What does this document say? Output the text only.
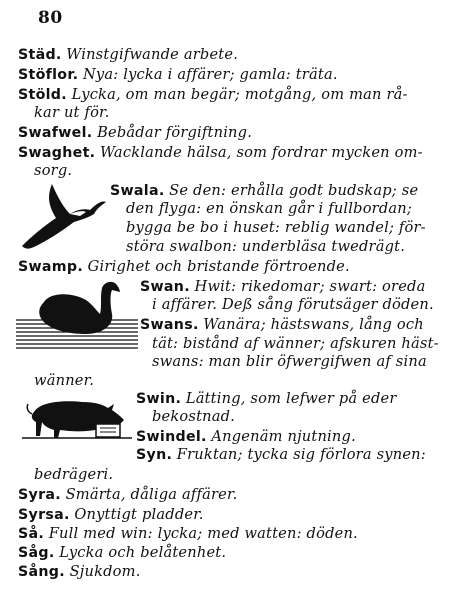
80
Städ. Winstgifwande arbete.
Stöflor. Nya: lycka i affärer; gamla: träta.
Stöld. Lycka, om man begär; motgång, om man rå-
kar ut för.
Swafwel. Bebådar förgiftning.
Swaghet. Wacklande hälsa, som fordrar mycken om-
sorg.
Swala. Se den: erhålla godt budskap; se
den flyga: en önskan går i fullbordan;
bygga be bo i huset: reblig wandel; för-
störa swalbon: underbläsa twedrägt.
Swamp. Girighet och bristande förtroende.
Swan. Hwit: rikedomar; swart: oreda
i affärer. Deß sång förutsäger döden.
Swans. Wanära; hästswans, lång och
tät: bistånd af wänner; afskuren häst-
swans: man blir öfwergifwen af sina
wänner.
Swin. Lätting, som lefwer på eder
bekostnad.
Swindel. Angenäm njutning.
Syn. Fruktan; tycka sig förlora synen:
bedrägeri.
Syra. Smärta, dåliga affärer.
Syrsa. Onyttigt pladder.
Så. Full med win: lycka; med watten: döden.
Såg. Lycka och belåtenhet.
Sång. Sjukdom.
